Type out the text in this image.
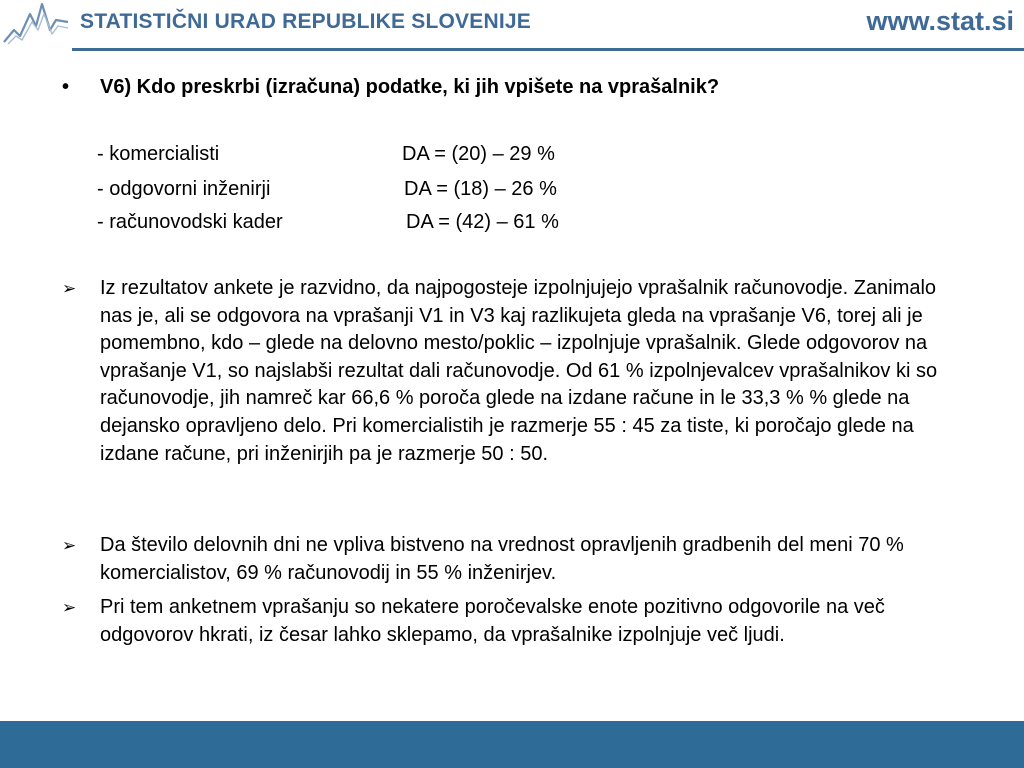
STATISTIČNI URAD REPUBLIKE SLOVENIJE	www.stat.si
• V6) Kdo preskrbi (izračuna) podatke, ki jih vpišete na vprašalnik?
- komercialisti	DA = (20) – 29 %
- odgovorni inženirji	DA = (18) – 26 %
- računovodski kader	DA = (42) – 61 %
➢ Iz rezultatov ankete je razvidno, da najpogosteje izpolnjujejo vprašalnik računovodje. Zanimalo nas je, ali se odgovora na vprašanji V1 in V3 kaj razlikujeta gleda na vprašanje V6, torej ali je pomembno, kdo – glede na delovno mesto/poklic – izpolnjuje vprašalnik. Glede odgovorov na vprašanje V1, so najslabši rezultat dali računovodje. Od 61 % izpolnjevalcev vprašalnikov ki so računovodje, jih namreč kar 66,6 % poroča glede na izdane račune in le 33,3 % % glede na dejansko opravljeno delo. Pri komercialistih je razmerje 55 : 45 za tiste, ki poročajo glede na izdane račune, pri inženirjih pa je razmerje 50 : 50.
➢ Da število delovnih dni ne vpliva bistveno na vrednost opravljenih gradbenih del meni 70 % komercialistov, 69 % računovodij in 55 % inženirjev.
➢ Pri tem anketnem vprašanju so nekatere poročevalske enote pozitivno odgovorile na več odgovorov hkrati, iz česar lahko sklepamo, da vprašalnike izpolnjuje več ljudi.
